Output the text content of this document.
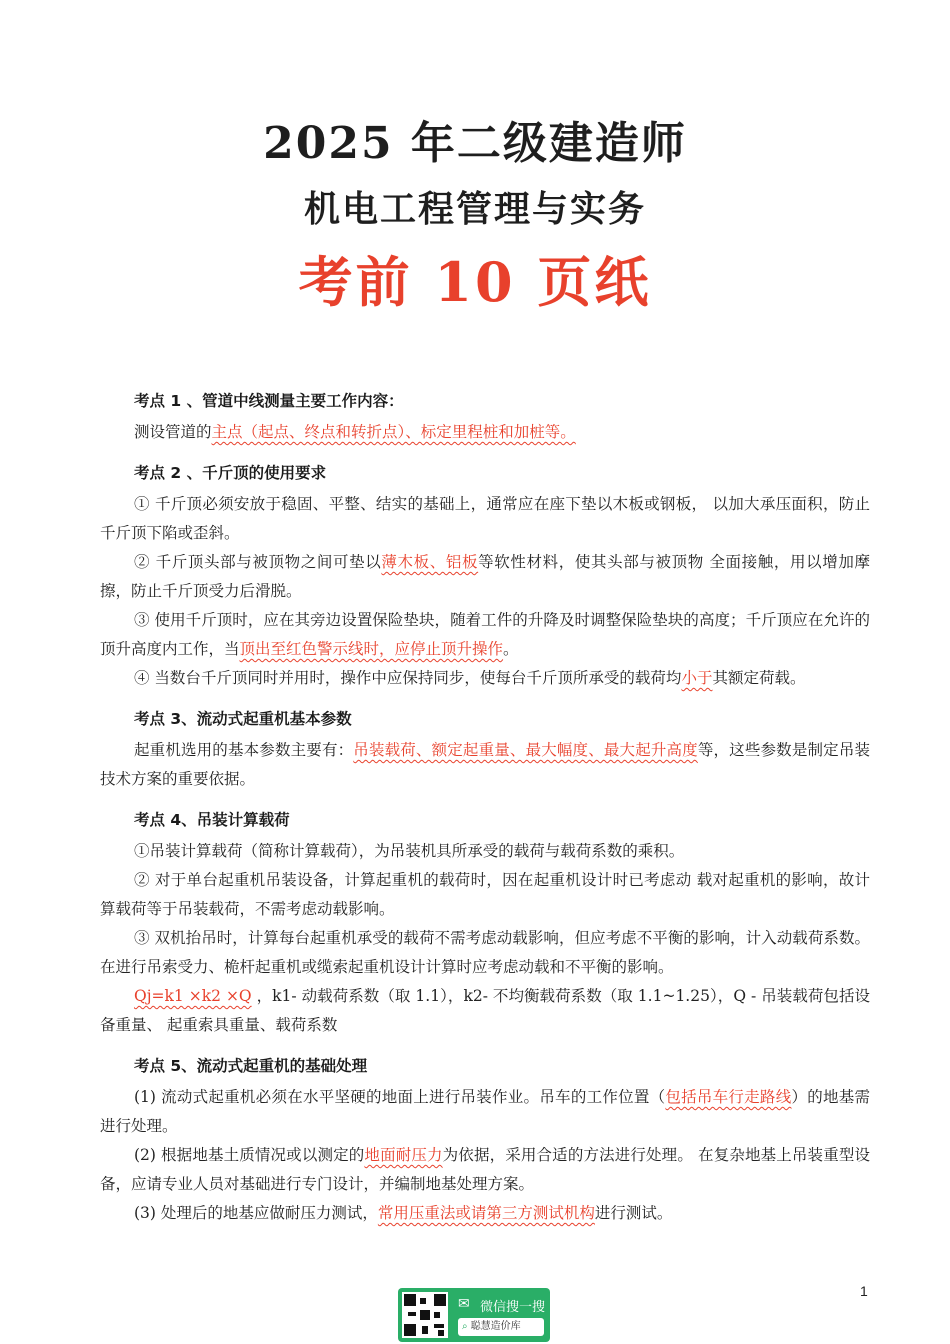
2025 年二级建造师
机电工程管理与实务
考前 10 页纸
考点 1 、管道中线测量主要工作内容：

测设管道的主点（起点、终点和转折点）、标定里程桩和加桩等。

考点 2 、千斤顶的使用要求

① 千斤顶必须安放于稳固、平整、结实的基础上，通常应在座下垫以木板或钢板， 以加大承压面积，防止千斤顶下陷或歪斜。

② 千斤顶头部与被顶物之间可垫以薄木板、铝板等软性材料，使其头部与被顶物 全面接触，用以增加摩擦，防止千斤顶受力后滑脱。

③ 使用千斤顶时，应在其旁边设置保险垫块，随着工件的升降及时调整保险垫块的高度；千斤顶应在允许的顶升高度内工作，当顶出至红色警示线时，应停止顶升操作。

④ 当数台千斤顶同时并用时，操作中应保持同步，使每台千斤顶所承受的载荷均小于其额定荷载。

考点 3、流动式起重机基本参数

起重机选用的基本参数主要有：吊装载荷、额定起重量、最大幅度、最大起升高度等，这些参数是制定吊装技术方案的重要依据。

考点 4、吊装计算载荷

①吊装计算载荷（简称计算载荷），为吊装机具所承受的载荷与载荷系数的乘积。

② 对于单台起重机吊装设备，计算起重机的载荷时，因在起重机设计时已考虑动 载对起重机的影响，故计算载荷等于吊装载荷，不需考虑动载影响。

③ 双机抬吊时，计算每台起重机承受的载荷不需考虑动载影响，但应考虑不平衡的影响，计入动载荷系数。在进行吊索受力、桅杆起重机或缆索起重机设计计算时应考虑动载和不平衡的影响。

Qj=k1 ×k2 ×Q ，k1- 动载荷系数（取 1.1），k2- 不均衡载荷系数（取 1.1~1.25），Q - 吊装载荷包括设备重量、 起重索具重量、载荷系数

考点 5、流动式起重机的基础处理

(1) 流动式起重机必须在水平坚硬的地面上进行吊装作业。吊车的工作位置（包括吊车行走路线）的地基需进行处理。

(2) 根据地基土质情况或以测定的地面耐压力为依据，采用合适的方法进行处理。 在复杂地基上吊装重型设备，应请专业人员对基础进行专门设计，并编制地基处理方案。

(3) 处理后的地基应做耐压力测试，常用压重法或请第三方测试机构进行测试。

1
✉ 微信搜一搜
⌕ 聪慧造价库
